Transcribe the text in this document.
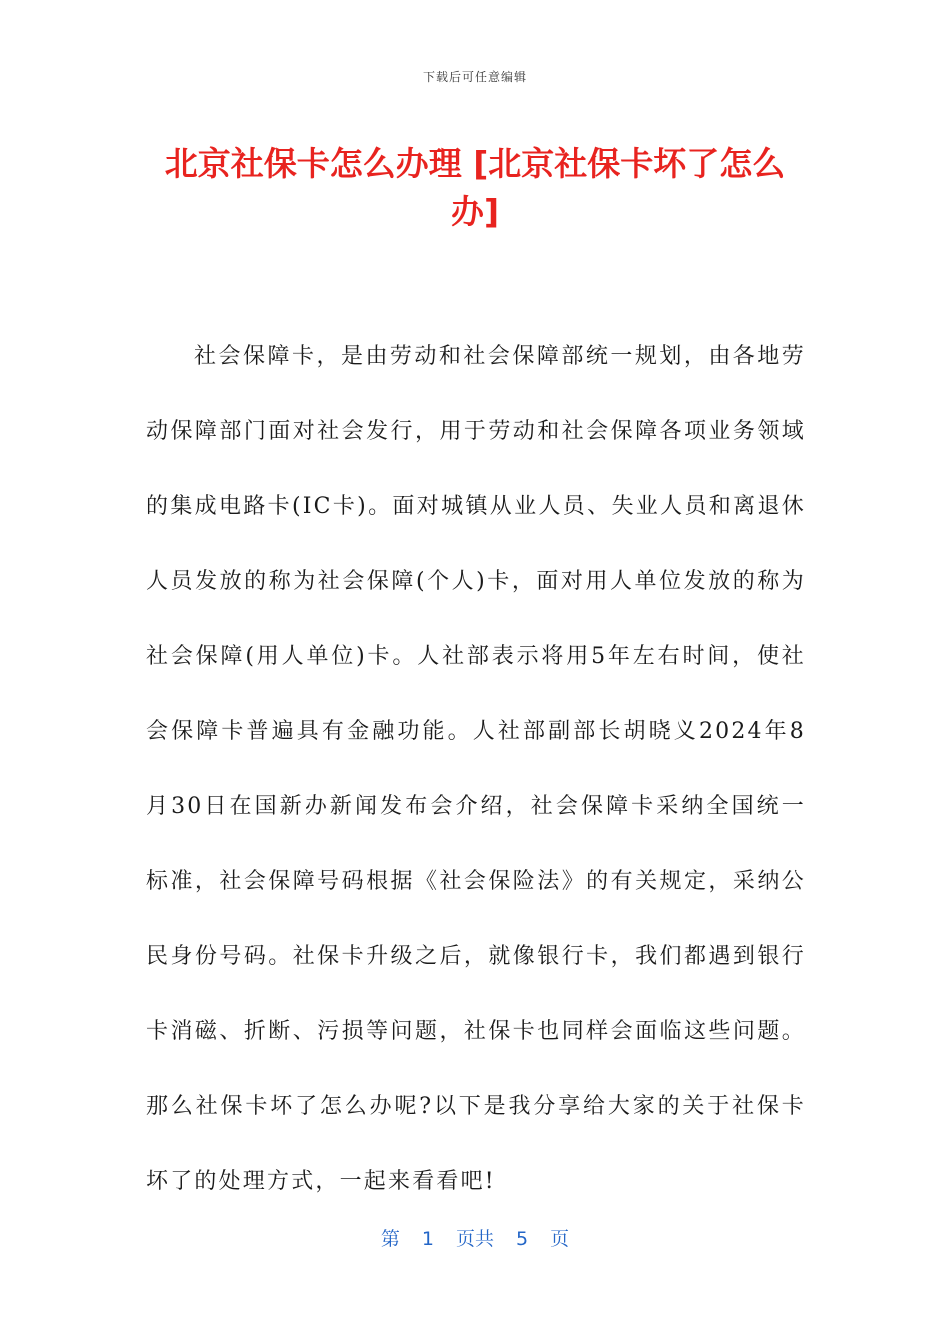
下载后可任意编辑
北京社保卡怎么办理 [北京社保卡坏了怎么办]

社会保障卡，是由劳动和社会保障部统一规划，由各地劳动保障部门面对社会发行，用于劳动和社会保障各项业务领域的集成电路卡(IC卡)。面对城镇从业人员、失业人员和离退休人员发放的称为社会保障(个人)卡，面对用人单位发放的称为社会保障(用人单位)卡。人社部表示将用5年左右时间，使社会保障卡普遍具有金融功能。人社部副部长胡晓义2024年8月30日在国新办新闻发布会介绍，社会保障卡采纳全国统一标准，社会保障号码根据《社会保险法》的有关规定，采纳公民身份号码。社保卡升级之后，就像银行卡，我们都遇到银行卡消磁、折断、污损等问题，社保卡也同样会面临这些问题。那么社保卡坏了怎么办呢?以下是我分享给大家的关于社保卡坏了的处理方式，一起来看看吧!

第 1 页共 5 页
